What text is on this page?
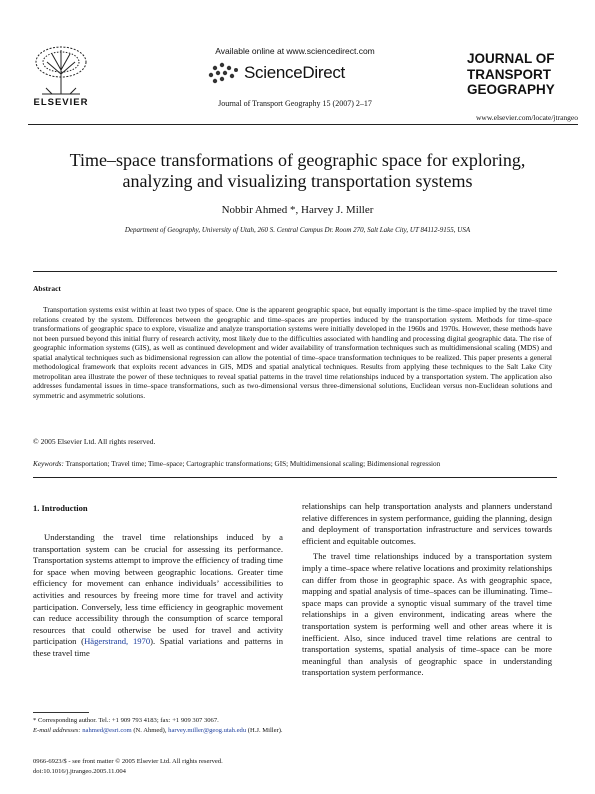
ELSEVIER
Available online at www.sciencedirect.com
ScienceDirect
Journal of Transport Geography 15 (2007) 2–17
JOURNAL OF
TRANSPORT
GEOGRAPHY
www.elsevier.com/locate/jtrangeo
Time–space transformations of geographic space for exploring,
analyzing and visualizing transportation systems
Nobbir Ahmed *, Harvey J. Miller
Department of Geography, University of Utah, 260 S. Central Campus Dr. Room 270, Salt Lake City, UT 84112-9155, USA
Abstract

Transportation systems exist within at least two types of space. One is the apparent geographic space, but equally important is the time–space implied by the travel time relations created by the system. Differences between the geographic and time–spaces are properties induced by the transportation system. Methods for time–space transformations of geographic space to explore, visualize and analyze transportation systems were initially developed in the 1960s and 1970s. However, these methods have not been pursued beyond this initial flurry of research activity, most likely due to the difficulties associated with handling and processing digital geographic data. The rise of geographic information systems (GIS), as well as continued development and wider availability of transformation techniques such as multidimensional scaling (MDS) and spatial analytical techniques such as bidimensional regression can allow the potential of time–space transformation techniques to be realized. This paper presents a general methodological framework that exploits recent advances in GIS, MDS and spatial analytical techniques. Results from applying these techniques to the Salt Lake City metropolitan area illustrate the power of these techniques to reveal spatial patterns in the travel time relationships induced by a transportation system. The application also addresses fundamental issues in time–space transformations, such as two-dimensional versus three-dimensional solutions, Euclidean versus non-Euclidean solutions and symmetric and asymmetric solutions.

© 2005 Elsevier Ltd. All rights reserved.
Keywords: Transportation; Travel time; Time–space; Cartographic transformations; GIS; Multidimensional scaling; Bidimensional regression
1. Introduction

Understanding the travel time relationships induced by a transportation system can be crucial for assessing its performance. Transportation systems attempt to improve the efficiency of trading time for space when moving between geographic locations. Greater time efficiency for movement can enhance individuals’ accessibilities to activities and resources by freeing more time for travel and activity participation. Conversely, less time efficiency in geographic movement can reduce accessibility through the consumption of scarce temporal resources that could otherwise be used for travel and activity participation (Hägerstrand, 1970). Spatial variations and patterns in these travel time

relationships can help transportation analysts and planners understand relative differences in system performance, guiding the planning, design and deployment of transportation infrastructure and services towards efficient and equitable outcomes.

The travel time relationships induced by a transportation system imply a time–space where relative locations and proximity relationships can differ from those in geographic space. As with geographic space, mapping and spatial analysis of time–spaces can be illuminating. Time–space maps can provide a synoptic visual summary of the travel time relationships in a given environment, indicating areas where the transportation system is performing well and other areas where it is inefficient. Also, since induced travel time relations are central to transportation systems, spatial analysis of time–space can be more meaningful than analysis of geographic space in understanding transportation system performance.

* Corresponding author. Tel.: +1 909 793 4183; fax: +1 909 307 3067.
E-mail addresses: nahmed@esri.com (N. Ahmed), harvey.miller@geog.utah.edu (H.J. Miller).
0966-6923/$ - see front matter © 2005 Elsevier Ltd. All rights reserved.
doi:10.1016/j.jtrangeo.2005.11.004
